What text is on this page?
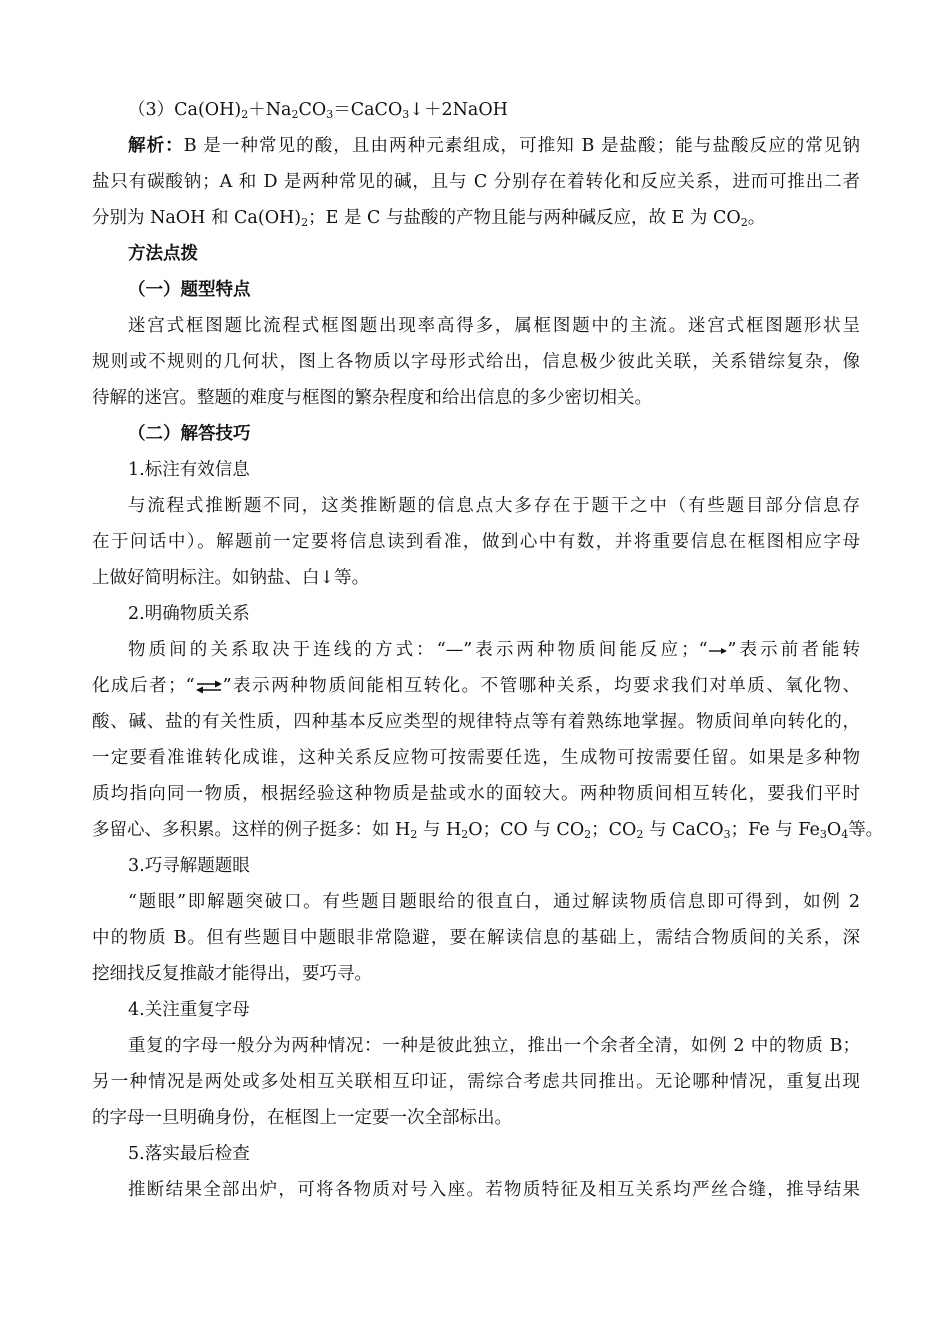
$(3)Ca(OH)_2+Na_2CO_3=CaCO_3↓+2NaOH$
解析：B 是一种常见的酸，且由两种元素组成，可推知 B 是盐酸；能与盐酸反应的常见钠
盐只有碳酸钠；A 和 D 是两种常见的碱，且与 C 分别存在着转化和反应关系，进而可推出二者
分别为 NaOH 和 $Ca(OH)_2$；E 是 C 与盐酸的产物且能与两种碱反应，故 E 为 $CO_2$。
方法点拨
（一）题型特点
迷宫式框图题比流程式框图题出现率高得多，属框图题中的主流。迷宫式框图题形状呈
规则或不规则的几何状，图上各物质以字母形式给出，信息极少彼此关联，关系错综复杂，像
待解的迷宫。整题的难度与框图的繁杂程度和给出信息的多少密切相关。
（二）解答技巧
1.标注有效信息
与流程式推断题不同，这类推断题的信息点大多存在于题干之中（有些题目部分信息存
在于问话中）。解题前一定要将信息读到看准，做到心中有数，并将重要信息在框图相应字母
上做好简明标注。如钠盐、白↓等。
2.明确物质关系
物质间的关系取决于连线的方式：“—”表示两种物质间能反应；“ ”表示前者能转
化成后者；“ ”表示两种物质间能相互转化。不管哪种关系，均要求我们对单质、氧化物、
酸、碱、盐的有关性质，四种基本反应类型的规律特点等有着熟练地掌握。物质间单向转化的，
一定要看准谁转化成谁，这种关系反应物可按需要任选，生成物可按需要任留。如果是多种物
质均指向同一物质，根据经验这种物质是盐或水的面较大。两种物质间相互转化，要我们平时
多留心、多积累。这样的例子挺多：如 $H_2$ 与 $H_2O$；CO 与 $CO_2$；$CO_2$ 与 CaCO$_3$；Fe 与 $Fe_3O_4$等。
3.巧寻解题题眼
“题眼”即解题突破口。有些题目题眼给的很直白，通过解读物质信息即可得到，如例 2
中的物质 B。但有些题目中题眼非常隐避，要在解读信息的基础上，需结合物质间的关系，深
挖细找反复推敲才能得出，要巧寻。
4.关注重复字母
重复的字母一般分为两种情况：一种是彼此独立，推出一个余者全清，如例 2 中的物质 B；
另一种情况是两处或多处相互关联相互印证，需综合考虑共同推出。无论哪种情况，重复出现
的字母一旦明确身份，在框图上一定要一次全部标出。
5.落实最后检查
推断结果全部出炉，可将各物质对号入座。若物质特征及相互关系均严丝合缝，推导结果
